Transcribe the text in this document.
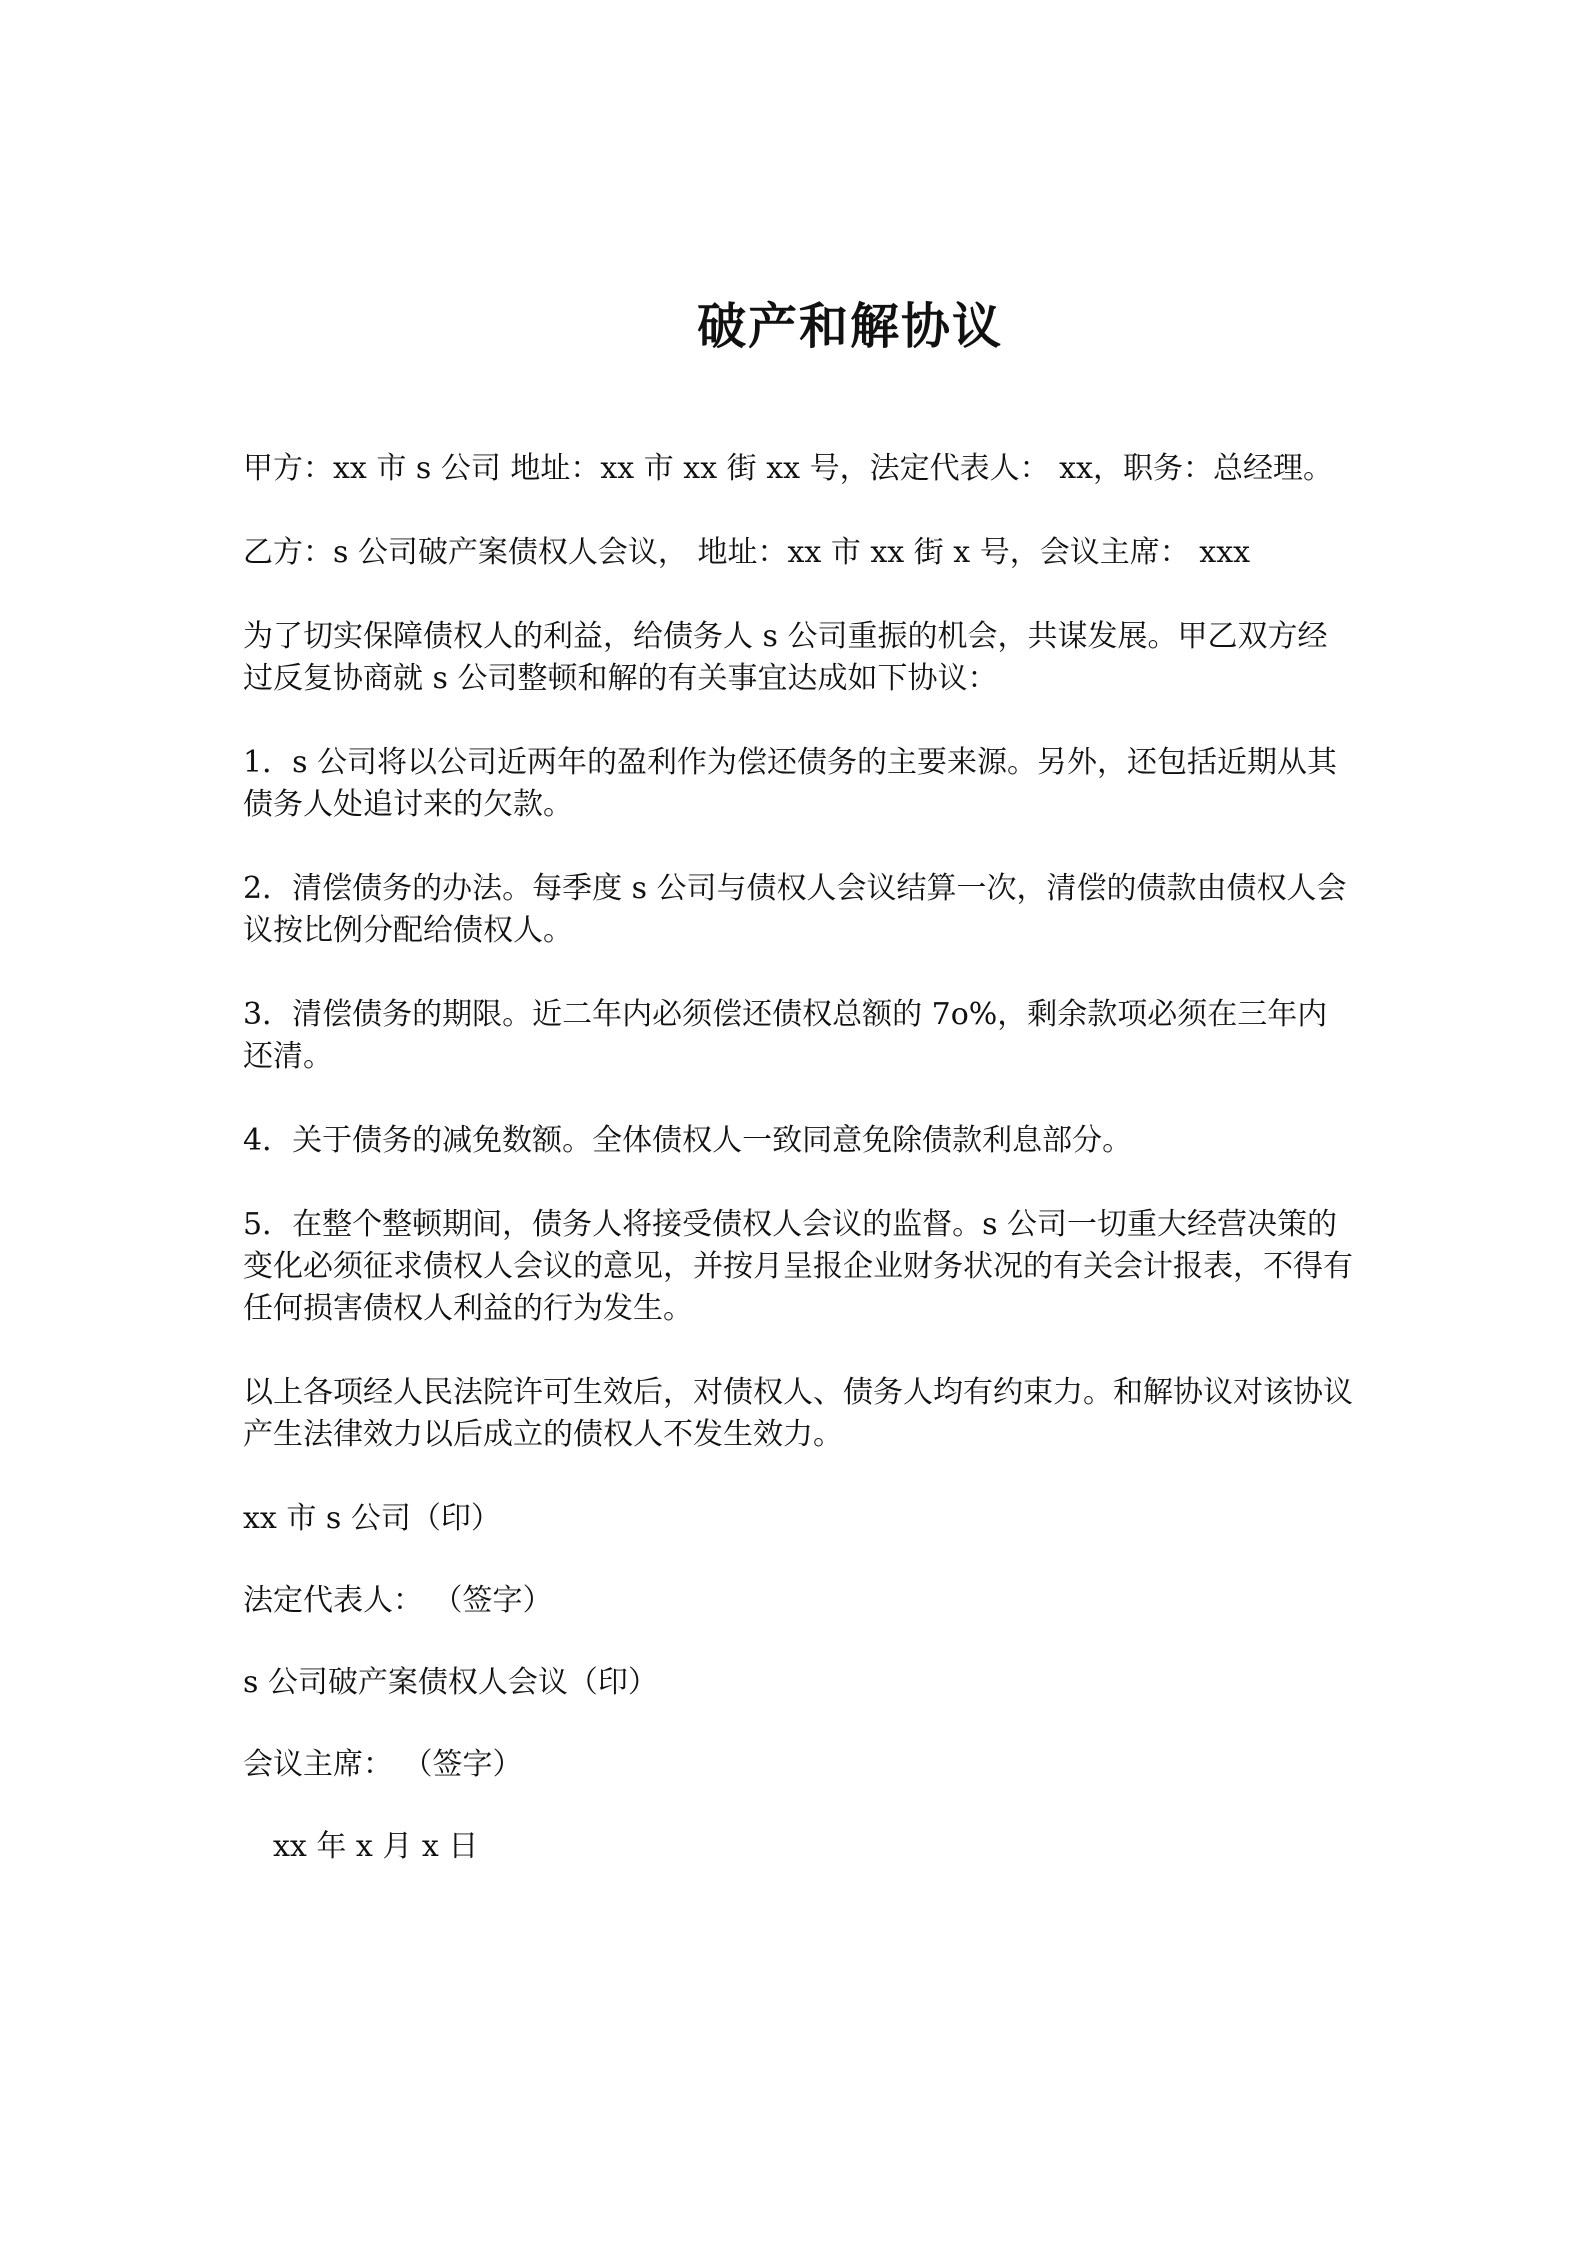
破产和解协议

甲方：xx 市 s 公司 地址：xx 市 xx 街 xx 号，法定代表人： xx，职务：总经理。

乙方：s 公司破产案债权人会议， 地址：xx 市 xx 街 x 号，会议主席： xxx

为了切实保障债权人的利益，给债务人 s 公司重振的机会，共谋发展。甲乙双方经过反复协商就 s 公司整顿和解的有关事宜达成如下协议：

1．s 公司将以公司近两年的盈利作为偿还债务的主要来源。另外，还包括近期从其债务人处追讨来的欠款。

2．清偿债务的办法。每季度 s 公司与债权人会议结算一次，清偿的债款由债权人会议按比例分配给债权人。

3．清偿债务的期限。近二年内必须偿还债权总额的 7o%，剩余款项必须在三年内还清。

4．关于债务的减免数额。全体债权人一致同意免除债款利息部分。

5．在整个整顿期间，债务人将接受债权人会议的监督。s 公司一切重大经营决策的变化必须征求债权人会议的意见，并按月呈报企业财务状况的有关会计报表，不得有任何损害债权人利益的行为发生。

以上各项经人民法院许可生效后，对债权人、债务人均有约束力。和解协议对该协议产生法律效力以后成立的债权人不发生效力。

xx 市 s 公司（印）

法定代表人： （签字）

s 公司破产案债权人会议（印）

会议主席： （签字）

xx 年 x 月 x 日
